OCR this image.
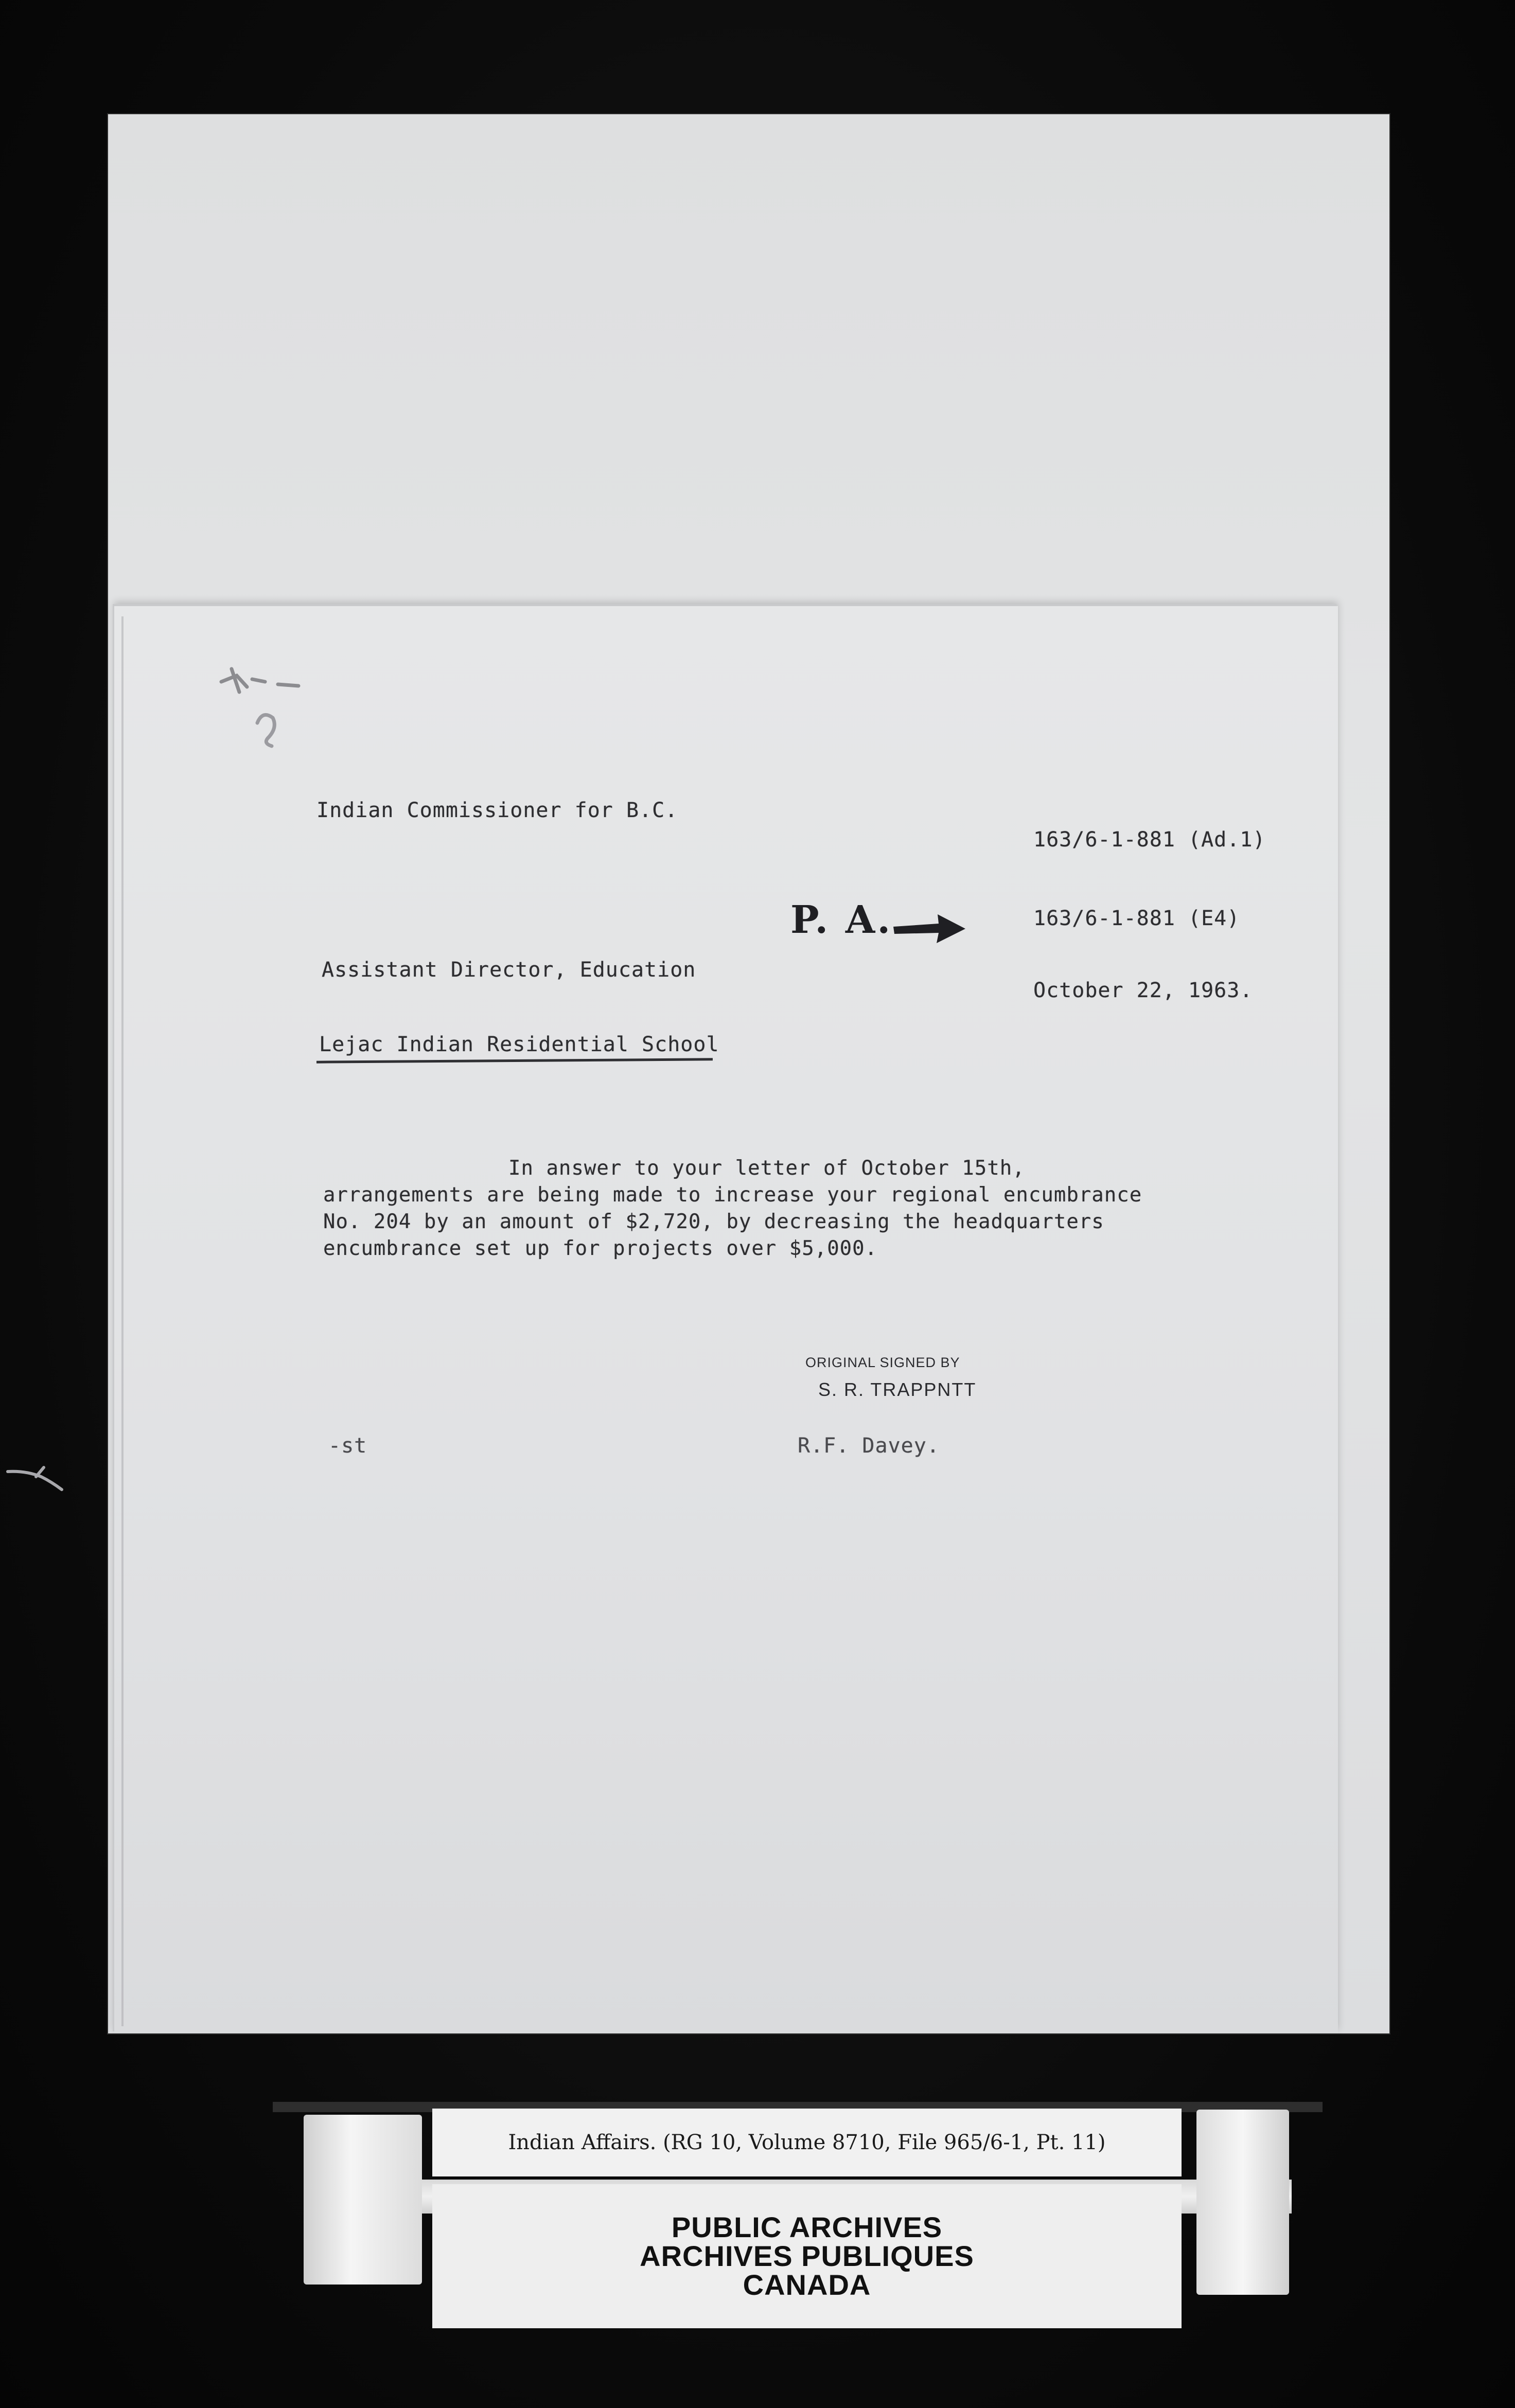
Indian Commissioner for B.C.
163/6-1-881 (Ad.1)
163/6-1-881 (E4)
October 22, 1963.
Assistant Director, Education
Lejac Indian Residential School
P. A.
In answer to your letter of October 15th,
arrangements are being made to increase your regional encumbrance
No. 204 by an amount of $2,720, by decreasing the headquarters
encumbrance set up for projects over $5,000.
ORIGINAL SIGNED BY
S. R. TRAPPNTT
-st	R.F. Davey.
Indian Affairs. (RG 10, Volume 8710, File 965/6-1, Pt. 11)
PUBLIC ARCHIVES
ARCHIVES PUBLIQUES
CANADA
